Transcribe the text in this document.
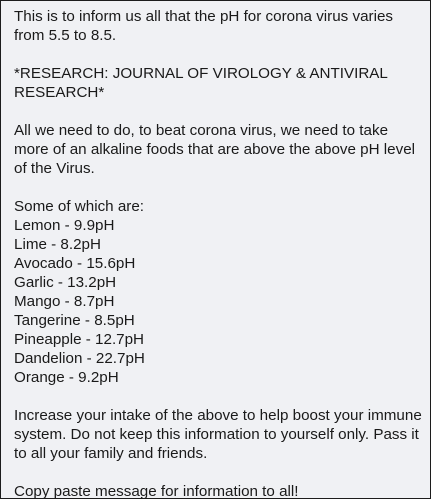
This is to inform us all that the pH for corona virus varies from 5.5 to 8.5.

*RESEARCH: JOURNAL OF VIROLOGY & ANTIVIRAL RESEARCH*

All we need to do, to beat corona virus, we need to take more of an alkaline foods that are above the above pH level of the Virus.

Some of which are:

Lemon - 9.9pH
Lime - 8.2pH
Avocado - 15.6pH
Garlic - 13.2pH
Mango - 8.7pH
Tangerine - 8.5pH
Pineapple - 12.7pH
Dandelion - 22.7pH
Orange - 9.2pH

Increase your intake of the above to help boost your immune system. Do not keep this information to yourself only. Pass it to all your family and friends.

Copy paste message for information to all!
